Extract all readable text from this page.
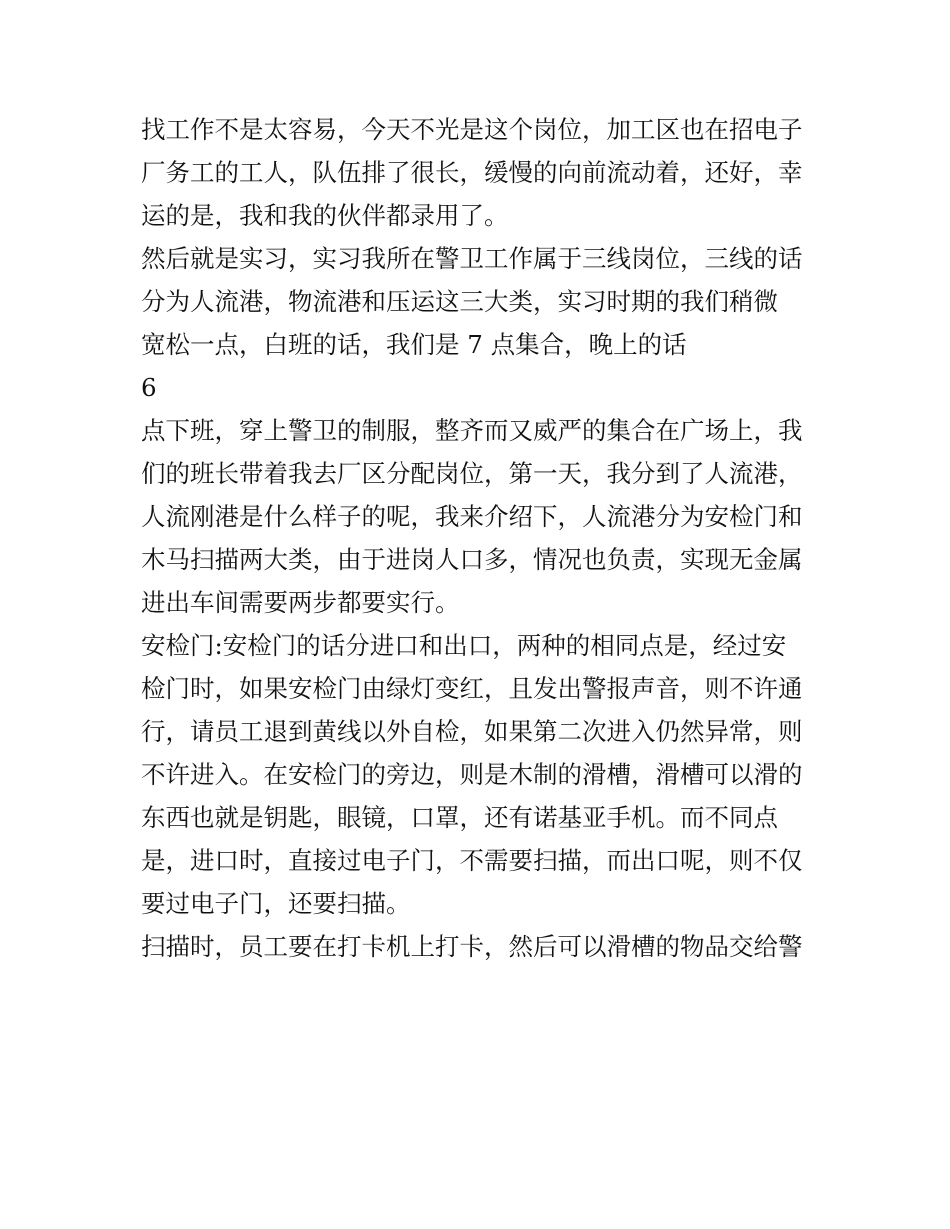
找工作不是太容易，今天不光是这个岗位，加工区也在招电子

厂务工的工人，队伍排了很长，缓慢的向前流动着，还好，幸

运的是，我和我的伙伴都录用了。

然后就是实习，实习我所在警卫工作属于三线岗位，三线的话

分为人流港，物流港和压运这三大类，实习时期的我们稍微

宽松一点，白班的话，我们是 7 点集合，晚上的话

6

点下班，穿上警卫的制服，整齐而又威严的集合在广场上，我

们的班长带着我去厂区分配岗位，第一天，我分到了人流港，

人流刚港是什么样子的呢，我来介绍下，人流港分为安检门和

木马扫描两大类，由于进岗人口多，情况也负责，实现无金属

进出车间需要两步都要实行。

安检门:安检门的话分进口和出口，两种的相同点是，经过安

检门时，如果安检门由绿灯变红，且发出警报声音，则不许通

行，请员工退到黄线以外自检，如果第二次进入仍然异常，则

不许进入。在安检门的旁边，则是木制的滑槽，滑槽可以滑的

东西也就是钥匙，眼镜，口罩，还有诺基亚手机。而不同点

是，进口时，直接过电子门，不需要扫描，而出口呢，则不仅

要过电子门，还要扫描。

扫描时，员工要在打卡机上打卡，然后可以滑槽的物品交给警
